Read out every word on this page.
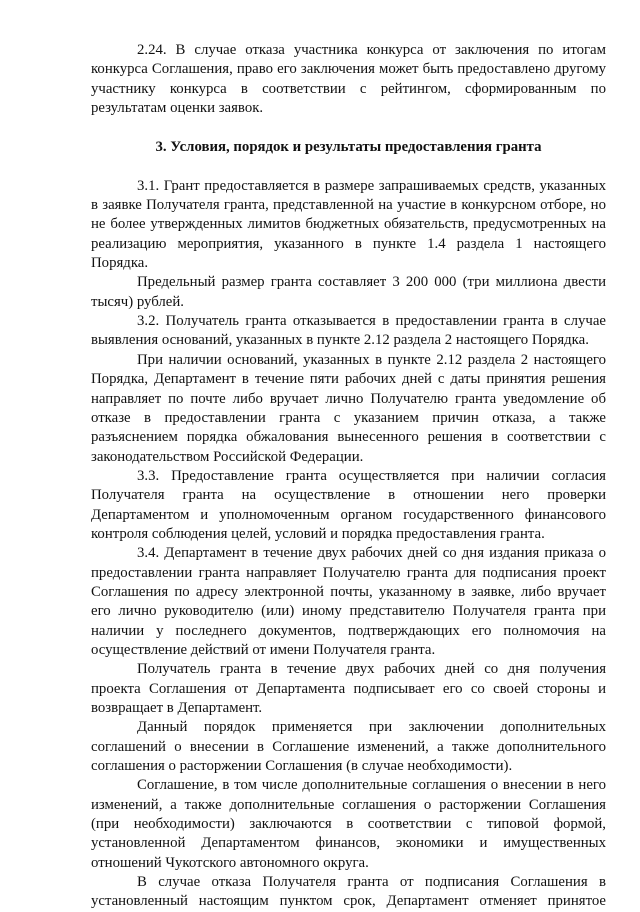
2.24. В случае отказа участника конкурса от заключения по итогам конкурса Соглашения, право его заключения может быть предоставлено другому участнику конкурса в соответствии с рейтингом, сформированным по результатам оценки заявок.

3. Условия, порядок и результаты предоставления гранта

3.1. Грант предоставляется в размере запрашиваемых средств, указанных в заявке Получателя гранта, представленной на участие в конкурсном отборе, но не более утвержденных лимитов бюджетных обязательств, предусмотренных на реализацию мероприятия, указанного в пункте 1.4 раздела 1 настоящего Порядка.

Предельный размер гранта составляет 3 200 000 (три миллиона двести тысяч) рублей.

3.2. Получатель гранта отказывается в предоставлении гранта в случае выявления оснований, указанных в пункте 2.12 раздела 2 настоящего Порядка.

При наличии оснований, указанных в пункте 2.12 раздела 2 настоящего Порядка, Департамент в течение пяти рабочих дней с даты принятия решения направляет по почте либо вручает лично Получателю гранта уведомление об отказе в предоставлении гранта с указанием причин отказа, а также разъяснением порядка обжалования вынесенного решения в соответствии с законодательством Российской Федерации.

3.3. Предоставление гранта осуществляется при наличии согласия Получателя гранта на осуществление в отношении него проверки Департаментом и уполномоченным органом государственного финансового контроля соблюдения целей, условий и порядка предоставления гранта.

3.4. Департамент в течение двух рабочих дней со дня издания приказа о предоставлении гранта направляет Получателю гранта для подписания проект Соглашения по адресу электронной почты, указанному в заявке, либо вручает его лично руководителю (или) иному представителю Получателя гранта при наличии у последнего документов, подтверждающих его полномочия на осуществление действий от имени Получателя гранта.

Получатель гранта в течение двух рабочих дней со дня получения проекта Соглашения от Департамента подписывает его со своей стороны и возвращает в Департамент.

Данный порядок применяется при заключении дополнительных соглашений о внесении в Соглашение изменений, а также дополнительного соглашения о расторжении Соглашения (в случае необходимости).

Соглашение, в том числе дополнительные соглашения о внесении в него изменений, а также дополнительные соглашения о расторжении Соглашения (при необходимости) заключаются в соответствии с типовой формой, установленной Департаментом финансов, экономики и имущественных отношений Чукотского автономного округа.

В случае отказа Получателя гранта от подписания Соглашения в установленный настоящим пунктом срок, Департамент отменяет принятое
